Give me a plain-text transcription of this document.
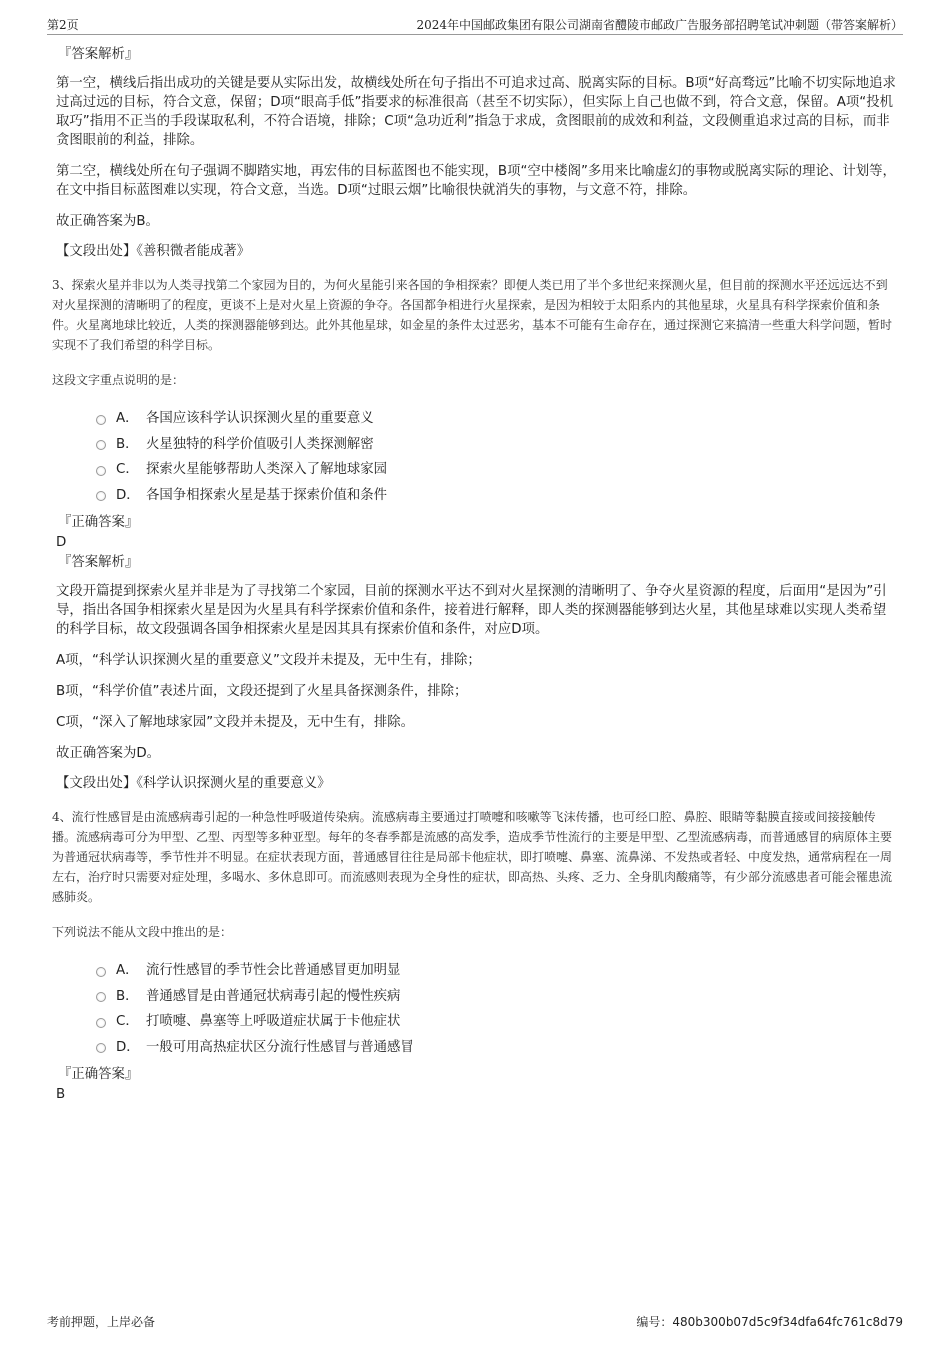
第2页	2024年中国邮政集团有限公司湖南省醴陵市邮政广告服务部招聘笔试冲刺题（带答案解析）
『答案解析』

第一空，横线后指出成功的关键是要从实际出发，故横线处所在句子指出不可追求过高、脱离实际的目标。B项“好高骛远”比喻不切实际地追求过高过远的目标，符合文意，保留；D项“眼高手低”指要求的标准很高（甚至不切实际），但实际上自己也做不到，符合文意，保留。A项“投机取巧”指用不正当的手段谋取私利，不符合语境，排除；C项“急功近利”指急于求成，贪图眼前的成效和利益，文段侧重追求过高的目标，而非贪图眼前的利益，排除。

第二空，横线处所在句子强调不脚踏实地，再宏伟的目标蓝图也不能实现，B项“空中楼阁”多用来比喻虚幻的事物或脱离实际的理论、计划等，在文中指目标蓝图难以实现，符合文意，当选。D项“过眼云烟”比喻很快就消失的事物，与文意不符，排除。

故正确答案为B。

【文段出处】《善积微者能成著》
3、探索火星并非以为人类寻找第二个家园为目的，为何火星能引来各国的争相探索？即便人类已用了半个多世纪来探测火星，但目前的探测水平还远远达不到对火星探测的清晰明了的程度，更谈不上是对火星上资源的争夺。各国都争相进行火星探索，是因为相较于太阳系内的其他星球，火星具有科学探索价值和条件。火星离地球比较近，人类的探测器能够到达。此外其他星球，如金星的条件太过恶劣，基本不可能有生命存在，通过探测它来搞清一些重大科学问题，暂时实现不了我们希望的科学目标。
这段文字重点说明的是：
A． 各国应该科学认识探测火星的重要意义
B． 火星独特的科学价值吸引人类探测解密
C． 探索火星能够帮助人类深入了解地球家园
D． 各国争相探索火星是基于探索价值和条件
『正确答案』
D
『答案解析』

文段开篇提到探索火星并非是为了寻找第二个家园，目前的探测水平达不到对火星探测的清晰明了、争夺火星资源的程度，后面用“是因为”引导，指出各国争相探索火星是因为火星具有科学探索价值和条件，接着进行解释，即人类的探测器能够到达火星，其他星球难以实现人类希望的科学目标，故文段强调各国争相探索火星是因其具有探索价值和条件，对应D项。

A项，“科学认识探测火星的重要意义”文段并未提及，无中生有，排除；

B项，“科学价值”表述片面，文段还提到了火星具备探测条件，排除；

C项，“深入了解地球家园”文段并未提及，无中生有，排除。

故正确答案为D。

【文段出处】《科学认识探测火星的重要意义》
4、流行性感冒是由流感病毒引起的一种急性呼吸道传染病。流感病毒主要通过打喷嚏和咳嗽等飞沫传播，也可经口腔、鼻腔、眼睛等黏膜直接或间接接触传播。流感病毒可分为甲型、乙型、丙型等多种亚型。每年的冬春季都是流感的高发季，造成季节性流行的主要是甲型、乙型流感病毒，而普通感冒的病原体主要为普通冠状病毒等，季节性并不明显。在症状表现方面，普通感冒往往是局部卡他症状，即打喷嚏、鼻塞、流鼻涕、不发热或者轻、中度发热，通常病程在一周左右，治疗时只需要对症处理，多喝水、多休息即可。而流感则表现为全身性的症状，即高热、头疼、乏力、全身肌肉酸痛等，有少部分流感患者可能会罹患流感肺炎。
下列说法不能从文段中推出的是：
A． 流行性感冒的季节性会比普通感冒更加明显
B． 普通感冒是由普通冠状病毒引起的慢性疾病
C． 打喷嚏、鼻塞等上呼吸道症状属于卡他症状
D． 一般可用高热症状区分流行性感冒与普通感冒
『正确答案』
B
考前押题，上岸必备	编号：480b300b07d5c9f34dfa64fc761c8d79
